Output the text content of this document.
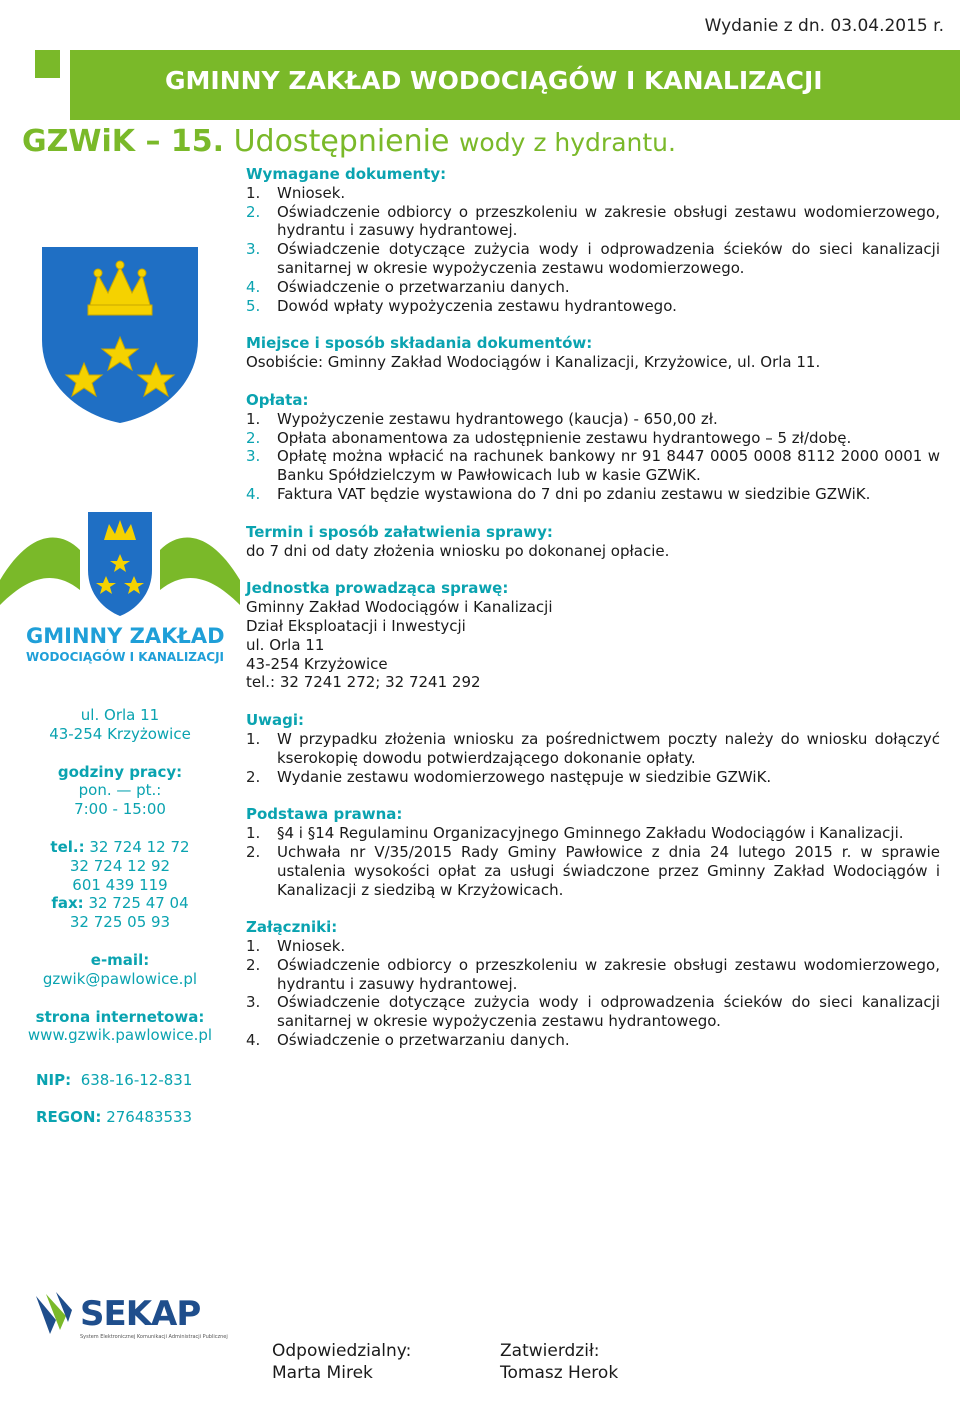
Wydanie z dn. 03.04.2015 r.
GMINNY ZAKŁAD WODOCIĄGÓW I KANALIZACJI
GZWiK – 15. Udostępnienie wody z hydrantu.
GMINNY ZAKŁAD
WODOCIĄGÓW I KANALIZACJI
Wymagane dokumenty:
1. Wniosek.
2. Oświadczenie odbiorcy o przeszkoleniu w zakresie obsługi zestawu wodomierzowego, hydrantu i zasuwy hydrantowej.
3. Oświadczenie dotyczące zużycia wody i odprowadzenia ścieków do sieci kanalizacji sanitarnej w okresie wypożyczenia zestawu wodomierzowego.
4. Oświadczenie o przetwarzaniu danych.
5. Dowód wpłaty wypożyczenia zestawu hydrantowego.
Miejsce i sposób składania dokumentów:

Osobiście: Gminny Zakład Wodociągów i Kanalizacji, Krzyżowice, ul. Orla 11.

Opłata:
1. Wypożyczenie zestawu hydrantowego (kaucja) - 650,00 zł.
2. Opłata abonamentowa za udostępnienie zestawu hydrantowego – 5 zł/dobę.
3. Opłatę można wpłacić na rachunek bankowy nr 91 8447 0005 0008 8112 2000 0001 w Banku Spółdzielczym w Pawłowicach lub w kasie GZWiK.
4. Faktura VAT będzie wystawiona do 7 dni po zdaniu zestawu w siedzibie GZWiK.
Termin i sposób załatwienia sprawy:

do 7 dni od daty złożenia wniosku po dokonanej opłacie.

Jednostka prowadząca sprawę:

Gminny Zakład Wodociągów i Kanalizacji

Dział Eksploatacji i Inwestycji

ul. Orla 11

43-254 Krzyżowice

tel.: 32 7241 272; 32 7241 292

Uwagi:
1. W przypadku złożenia wniosku za pośrednictwem poczty należy do wniosku dołączyć kserokopię dowodu potwierdzającego dokonanie opłaty.
2. Wydanie zestawu wodomierzowego następuje w siedzibie GZWiK.
Podstawa prawna:
1. §4 i §14 Regulaminu Organizacyjnego Gminnego Zakładu Wodociągów i Kanalizacji.
2. Uchwała nr V/35/2015 Rady Gminy Pawłowice z dnia 24 lutego 2015 r. w sprawie ustalenia wysokości opłat za usługi świadczone przez Gminny Zakład Wodociągów i Kanalizacji z siedzibą w Krzyżowicach.
Załączniki:
1. Wniosek.
2. Oświadczenie odbiorcy o przeszkoleniu w zakresie obsługi zestawu wodomierzowego, hydrantu i zasuwy hydrantowej.
3. Oświadczenie dotyczące zużycia wody i odprowadzenia ścieków do sieci kanalizacji sanitarnej w okresie wypożyczenia zestawu hydrantowego.
4. Oświadczenie o przetwarzaniu danych.
ul. Orla 11
43-254 Krzyżowice
godziny pracy:
pon. — pt.:
7:00 - 15:00
tel.: 32 724 12 72
32 724 12 92
601 439 119
fax: 32 725 47 04
32 725 05 93
e-mail:
gzwik@pawlowice.pl
strona internetowa:
www.gzwik.pawlowice.pl
NIP: 638-16-12-831
REGON: 276483533
SEKAP
System Elektronicznej Komunikacji Administracji Publicznej
Odpowiedzialny:
Marta Mirek
Zatwierdził:
Tomasz Herok
